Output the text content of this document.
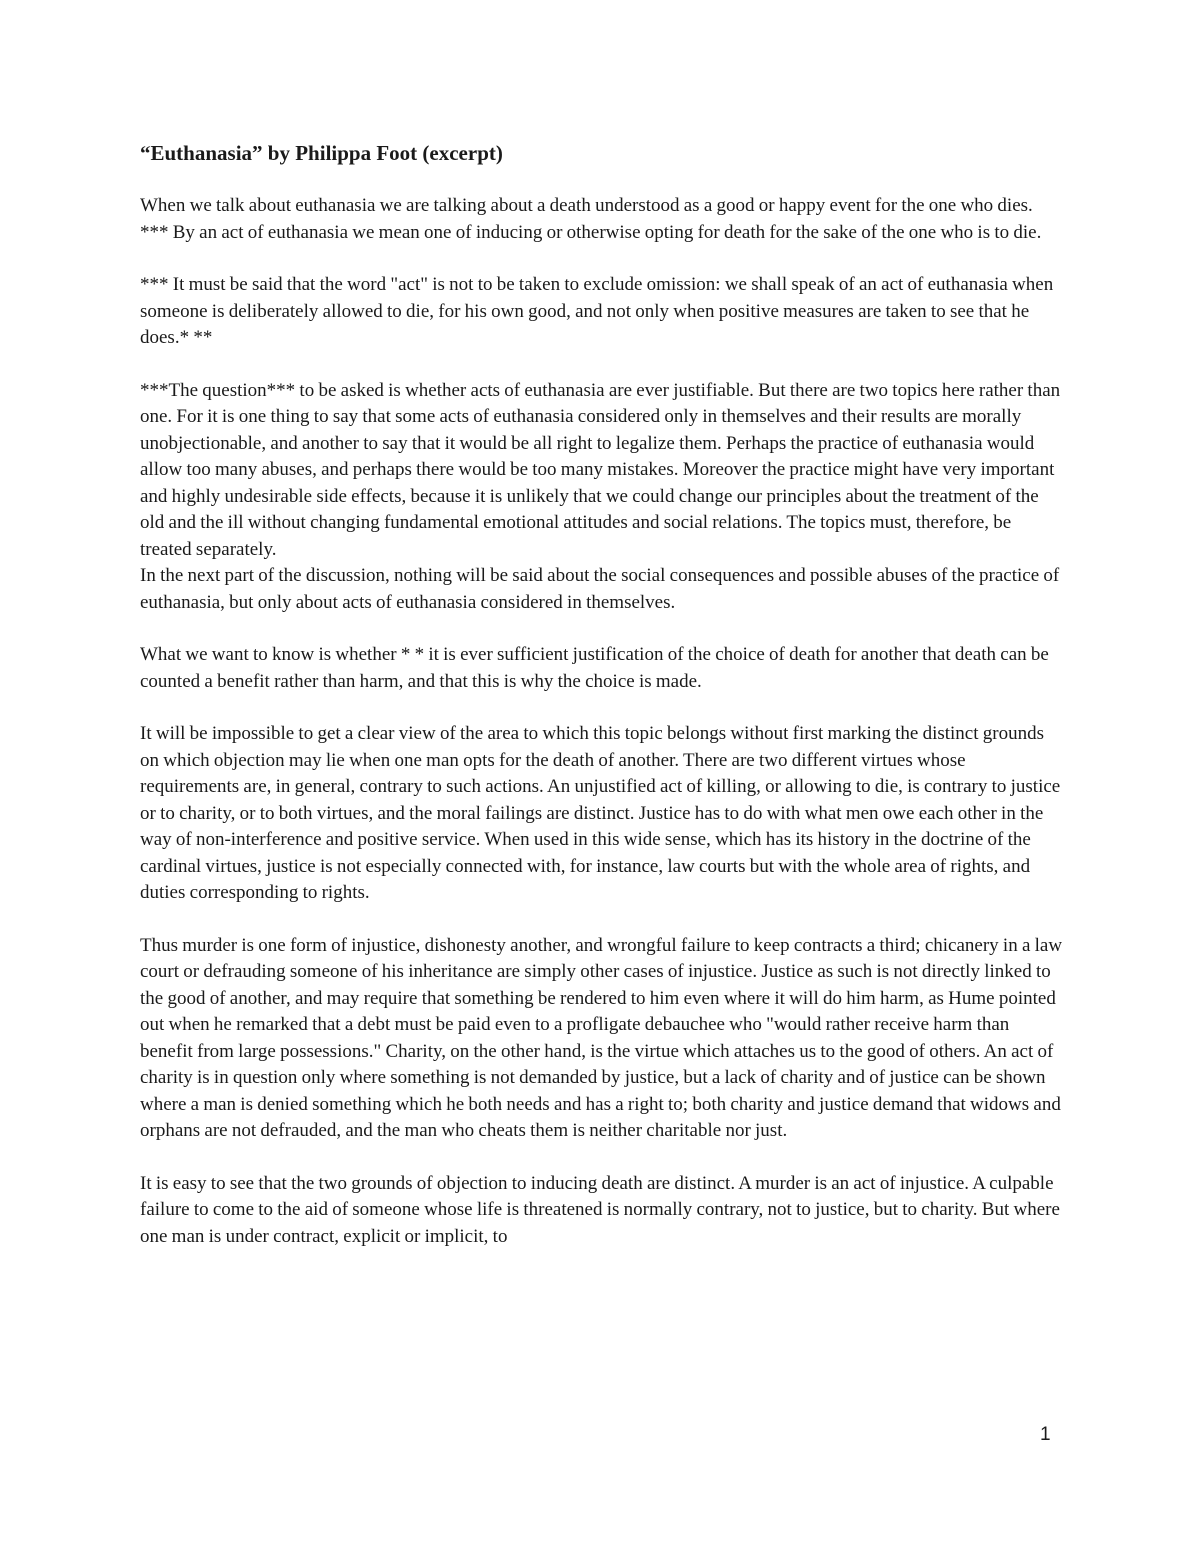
“Euthanasia” by Philippa Foot (excerpt)

When we talk about euthanasia we are talking about a death understood as a good or happy event for the one who dies. *** By an act of euthanasia we mean one of inducing or otherwise opting for death for the sake of the one who is to die.

*** It must be said that the word "act" is not to be taken to exclude omission: we shall speak of an act of euthanasia when someone is deliberately allowed to die, for his own good, and not only when positive measures are taken to see that he does.* **

***The question*** to be asked is whether acts of euthanasia are ever justifiable. But there are two topics here rather than one. For it is one thing to say that some acts of euthanasia considered only in themselves and their results are morally unobjectionable, and another to say that it would be all right to legalize them. Perhaps the practice of euthanasia would allow too many abuses, and perhaps there would be too many mistakes. Moreover the practice might have very important and highly undesirable side effects, because it is unlikely that we could change our principles about the treatment of the old and the ill without changing fundamental emotional attitudes and social relations. The topics must, therefore, be treated separately.

In the next part of the discussion, nothing will be said about the social consequences and possible abuses of the practice of euthanasia, but only about acts of euthanasia considered in themselves.

What we want to know is whether * * it is ever sufficient justification of the choice of death for another that death can be counted a benefit rather than harm, and that this is why the choice is made.

It will be impossible to get a clear view of the area to which this topic belongs without first marking the distinct grounds on which objection may lie when one man opts for the death of another. There are two different virtues whose requirements are, in general, contrary to such actions. An unjustified act of killing, or allowing to die, is contrary to justice or to charity, or to both virtues, and the moral failings are distinct. Justice has to do with what men owe each other in the way of non-interference and positive service. When used in this wide sense, which has its history in the doctrine of the cardinal virtues, justice is not especially connected with, for instance, law courts but with the whole area of rights, and duties corresponding to rights.

Thus murder is one form of injustice, dishonesty another, and wrongful failure to keep contracts a third; chicanery in a law court or defrauding someone of his inheritance are simply other cases of injustice. Justice as such is not directly linked to the good of another, and may require that something be rendered to him even where it will do him harm, as Hume pointed out when he remarked that a debt must be paid even to a profligate debauchee who "would rather receive harm than benefit from large possessions." Charity, on the other hand, is the virtue which attaches us to the good of others. An act of charity is in question only where something is not demanded by justice, but a lack of charity and of justice can be shown where a man is denied something which he both needs and has a right to; both charity and justice demand that widows and orphans are not defrauded, and the man who cheats them is neither charitable nor just.

It is easy to see that the two grounds of objection to inducing death are distinct. A murder is an act of injustice. A culpable failure to come to the aid of someone whose life is threatened is normally contrary, not to justice, but to charity. But where one man is under contract, explicit or implicit, to

1
